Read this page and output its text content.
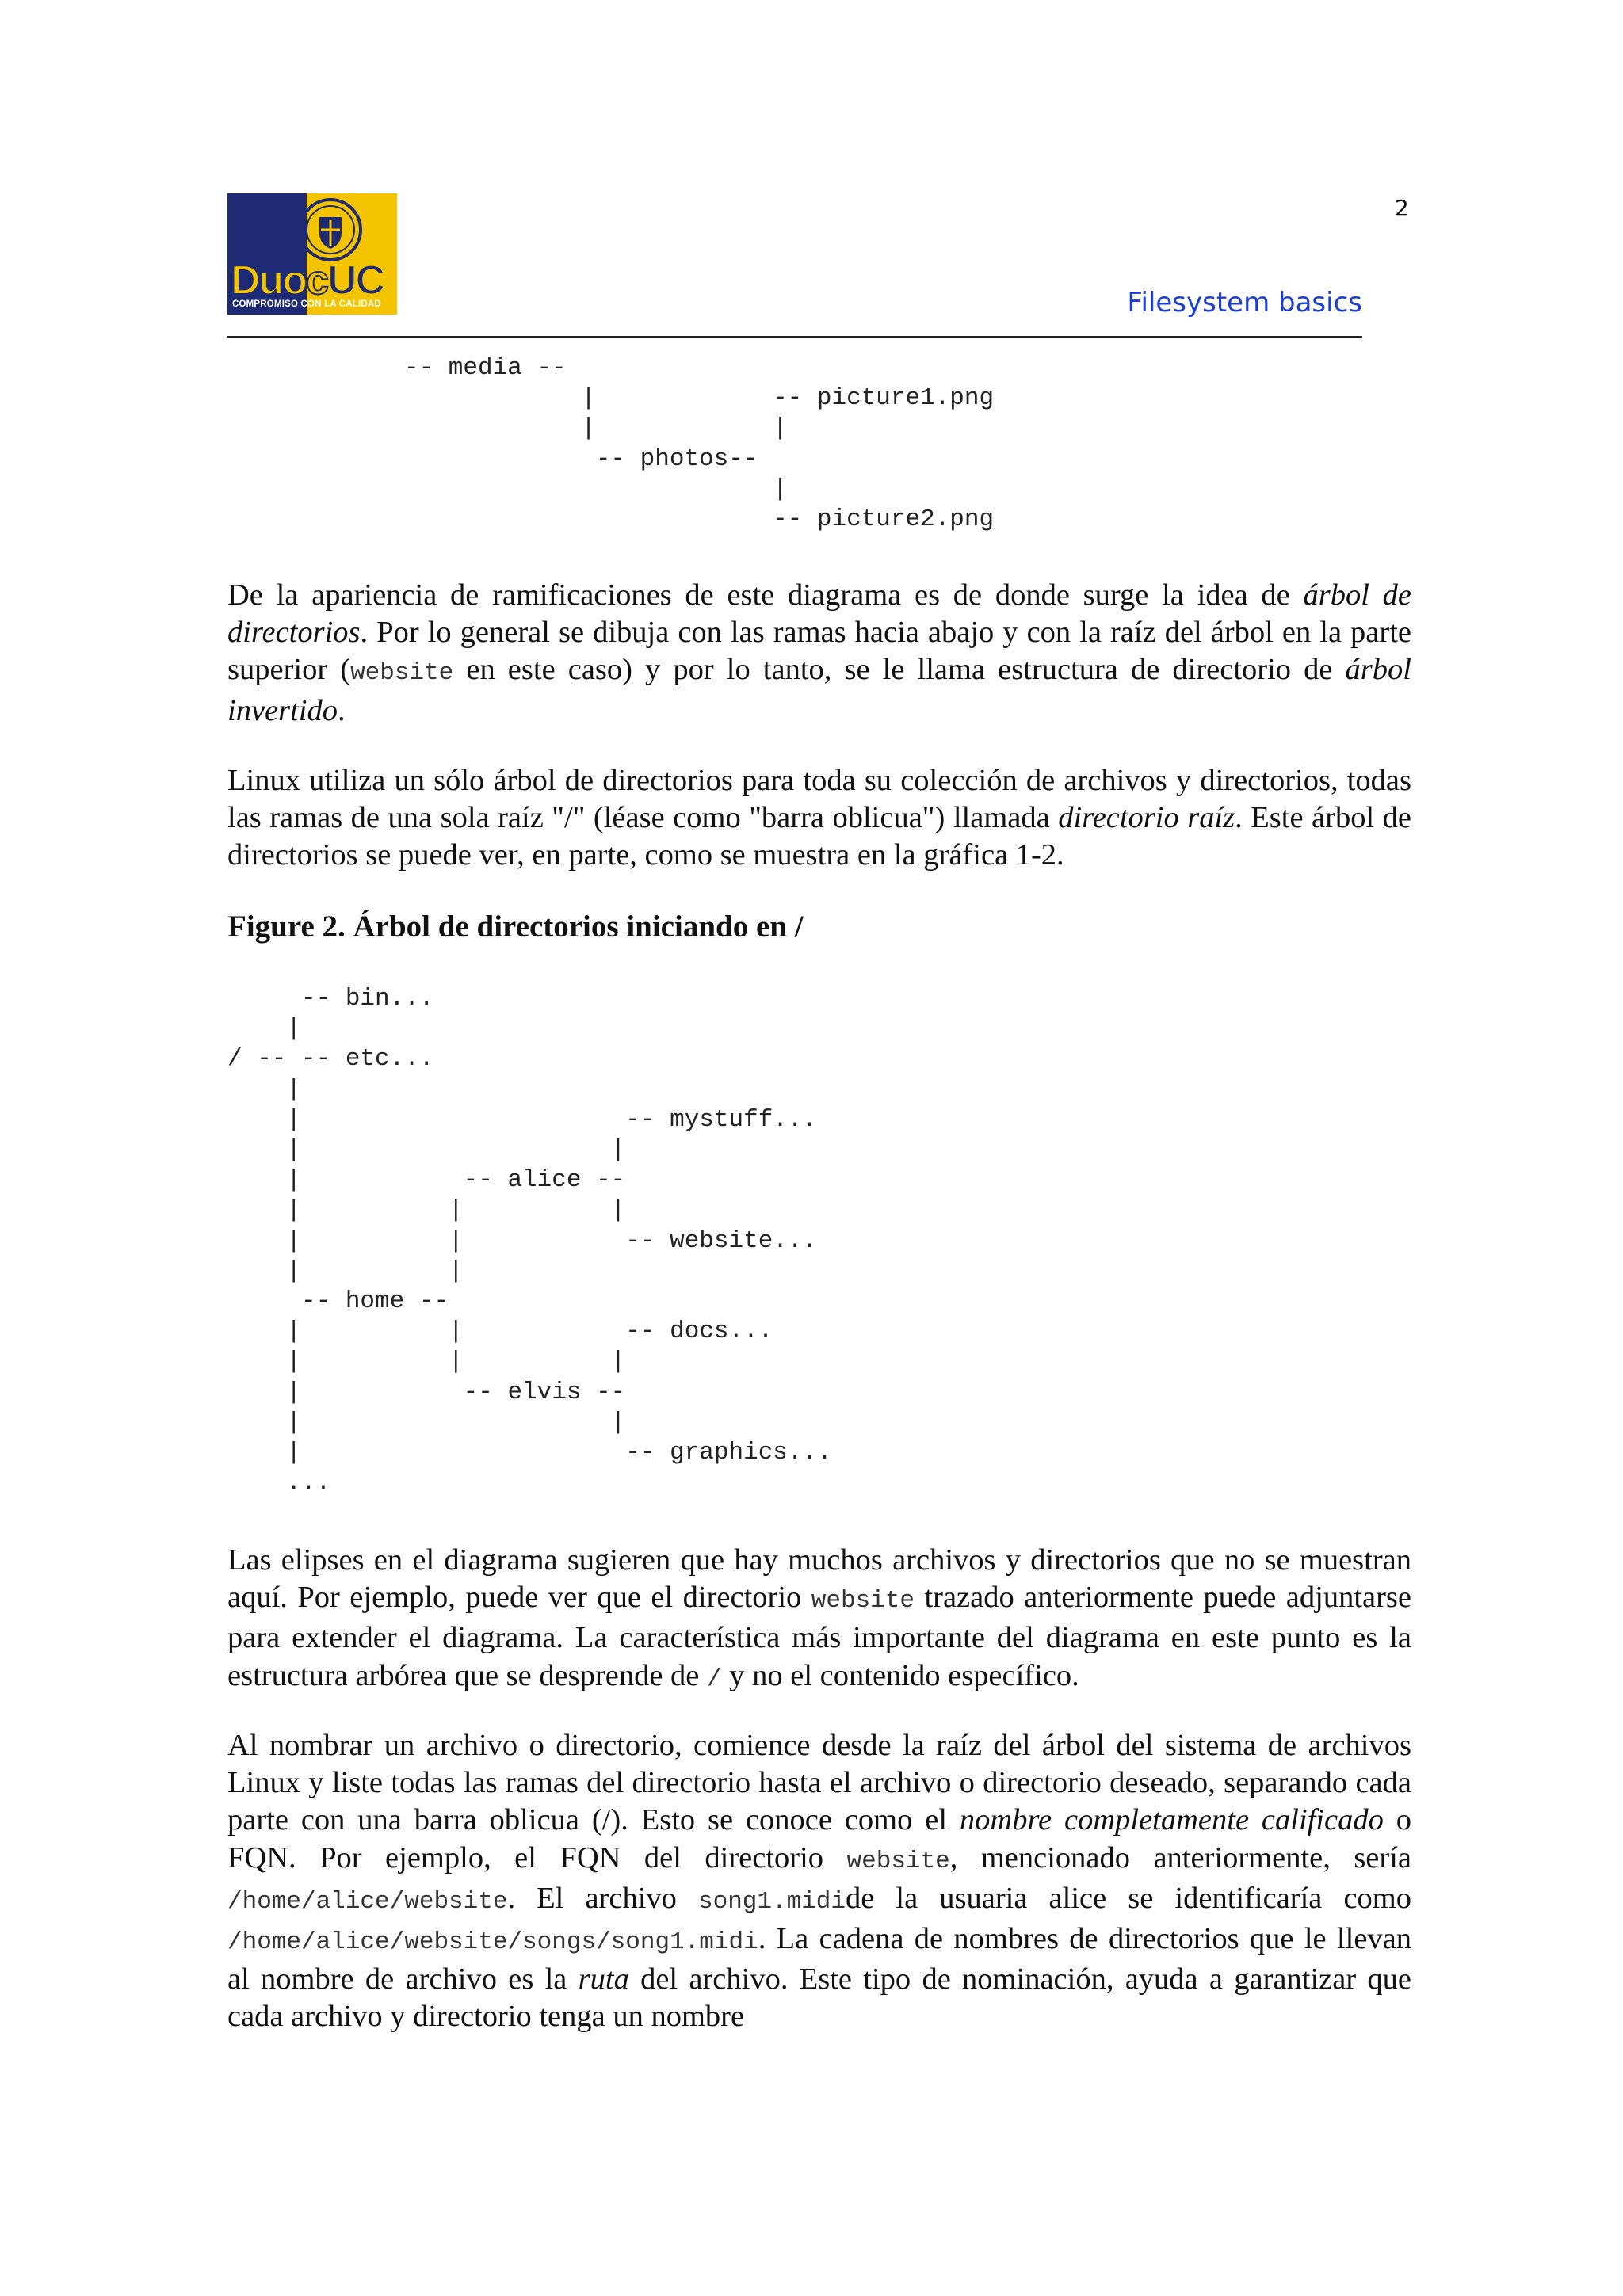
DuocUC
COMPROMISO CON LA CALIDAD
2
Filesystem basics
-- media --
|            -- picture1.png
|            |
-- photos--
|
-- picture2.png

De la apariencia de ramificaciones de este diagrama es de donde surge la idea de árbol de directorios. Por lo general se dibuja con las ramas hacia abajo y con la raíz del árbol en la parte superior (website en este caso) y por lo tanto, se le llama estructura de directorio de árbol invertido.

Linux utiliza un sólo árbol de directorios para toda su colección de archivos y directorios, todas las ramas de una sola raíz "/" (léase como "barra oblicua") llamada directorio raíz. Este árbol de directorios se puede ver, en parte, como se muestra en la gráfica 1-2.

Figure 2. Árbol de directorios iniciando en /
-- bin...
|
/ -- -- etc...
|
|                      -- mystuff...
|                     |
|           -- alice --
|          |          |
|          |           -- website...
|          |
-- home --
|          |           -- docs...
|          |          |
|           -- elvis --
|                     |
|                      -- graphics...
...

Las elipses en el diagrama sugieren que hay muchos archivos y directorios que no se muestran aquí. Por ejemplo, puede ver que el directorio website trazado anteriormente puede adjuntarse para extender el diagrama. La característica más importante del diagrama en este punto es la estructura arbórea que se desprende de / y no el contenido específico.

Al nombrar un archivo o directorio, comience desde la raíz del árbol del sistema de archivos Linux y liste todas las ramas del directorio hasta el archivo o directorio deseado, separando cada parte con una barra oblicua (/). Esto se conoce como el nombre completamente calificado o FQN. Por ejemplo, el FQN del directorio website, mencionado anteriormente, sería /home/alice/website. El archivo song1.midide la usuaria alice se identificaría como /home/alice/website/songs/song1.midi. La cadena de nombres de directorios que le llevan al nombre de archivo es la ruta del archivo. Este tipo de nominación, ayuda a garantizar que cada archivo y directorio tenga un nombre
